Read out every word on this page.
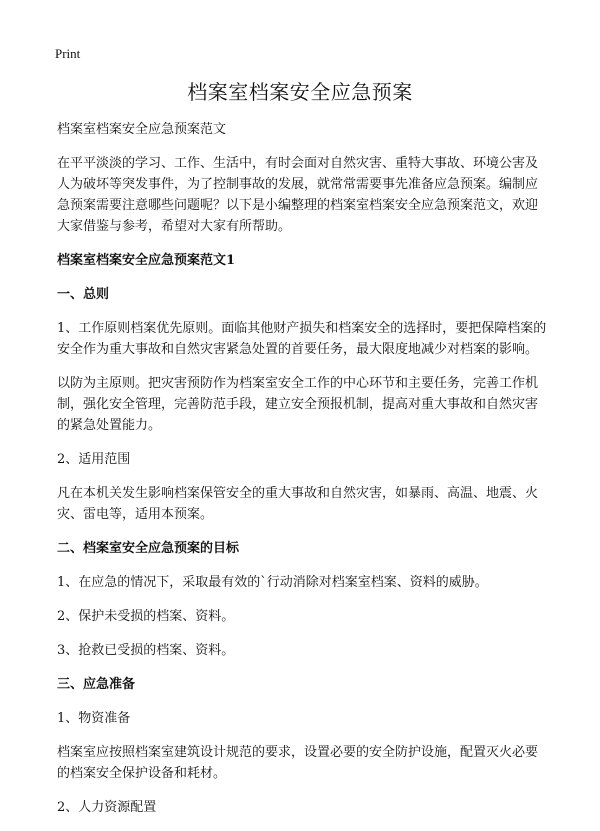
Print
档案室档案安全应急预案
档案室档案安全应急预案范文
在平平淡淡的学习、工作、生活中，有时会面对自然灾害、重特大事故、环境公害及人为破坏等突发事件，为了控制事故的发展，就常常需要事先准备应急预案。编制应急预案需要注意哪些问题呢？以下是小编整理的档案室档案安全应急预案范文，欢迎大家借鉴与参考，希望对大家有所帮助。
档案室档案安全应急预案范文1
一、总则
1、工作原则档案优先原则。面临其他财产损失和档案安全的选择时，要把保障档案的安全作为重大事故和自然灾害紧急处置的首要任务，最大限度地减少对档案的影响。
以防为主原则。把灾害预防作为档案室安全工作的中心环节和主要任务，完善工作机制，强化安全管理，完善防范手段，建立安全预报机制，提高对重大事故和自然灾害的紧急处置能力。
2、适用范围
凡在本机关发生影响档案保管安全的重大事故和自然灾害，如暴雨、高温、地震、火灾、雷电等，适用本预案。
二、档案室安全应急预案的目标
1、在应急的情况下，采取最有效的`行动消除对档案室档案、资料的威胁。
2、保护未受损的档案、资料。
3、抢救已受损的档案、资料。
三、应急准备
1、物资准备
档案室应按照档案室建筑设计规范的要求，设置必要的安全防护设施，配置灭火必要的档案安全保护设备和耗材。
2、人力资源配置
